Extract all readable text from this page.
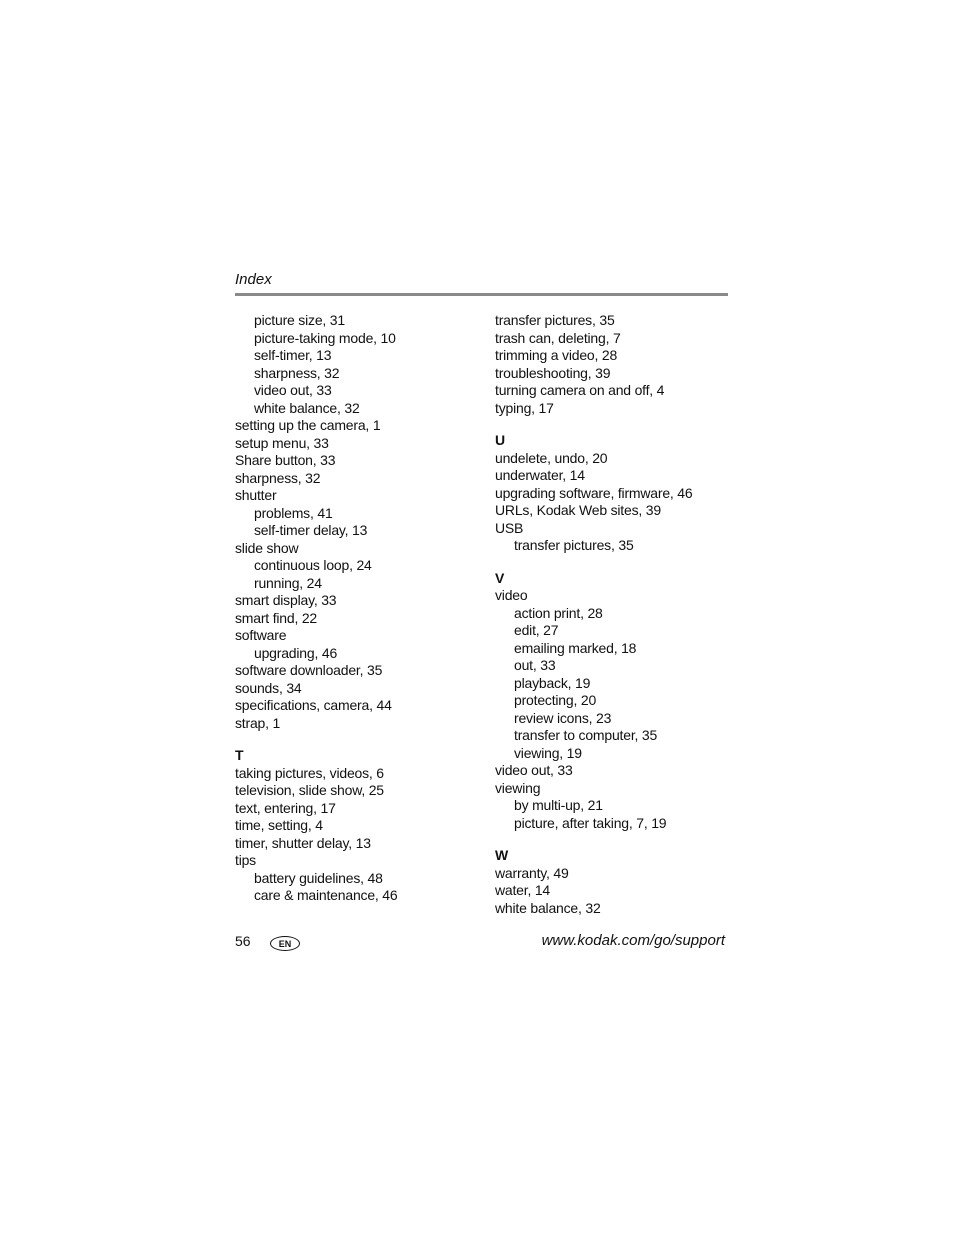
Index
picture size, 31
picture-taking mode, 10
self-timer, 13
sharpness, 32
video out, 33
white balance, 32
setting up the camera, 1
setup menu, 33
Share button, 33
sharpness, 32
shutter
problems, 41
self-timer delay, 13
slide show
continuous loop, 24
running, 24
smart display, 33
smart find, 22
software
upgrading, 46
software downloader, 35
sounds, 34
specifications, camera, 44
strap, 1
T
taking pictures, videos, 6
television, slide show, 25
text, entering, 17
time, setting, 4
timer, shutter delay, 13
tips
battery guidelines, 48
care & maintenance, 46
transfer pictures, 35
trash can, deleting, 7
trimming a video, 28
troubleshooting, 39
turning camera on and off, 4
typing, 17
U
undelete, undo, 20
underwater, 14
upgrading software, firmware, 46
URLs, Kodak Web sites, 39
USB
transfer pictures, 35
V
video
action print, 28
edit, 27
emailing marked, 18
out, 33
playback, 19
protecting, 20
review icons, 23
transfer to computer, 35
viewing, 19
video out, 33
viewing
by multi-up, 21
picture, after taking, 7, 19
W
warranty, 49
water, 14
white balance, 32
56	EN	www.kodak.com/go/support
